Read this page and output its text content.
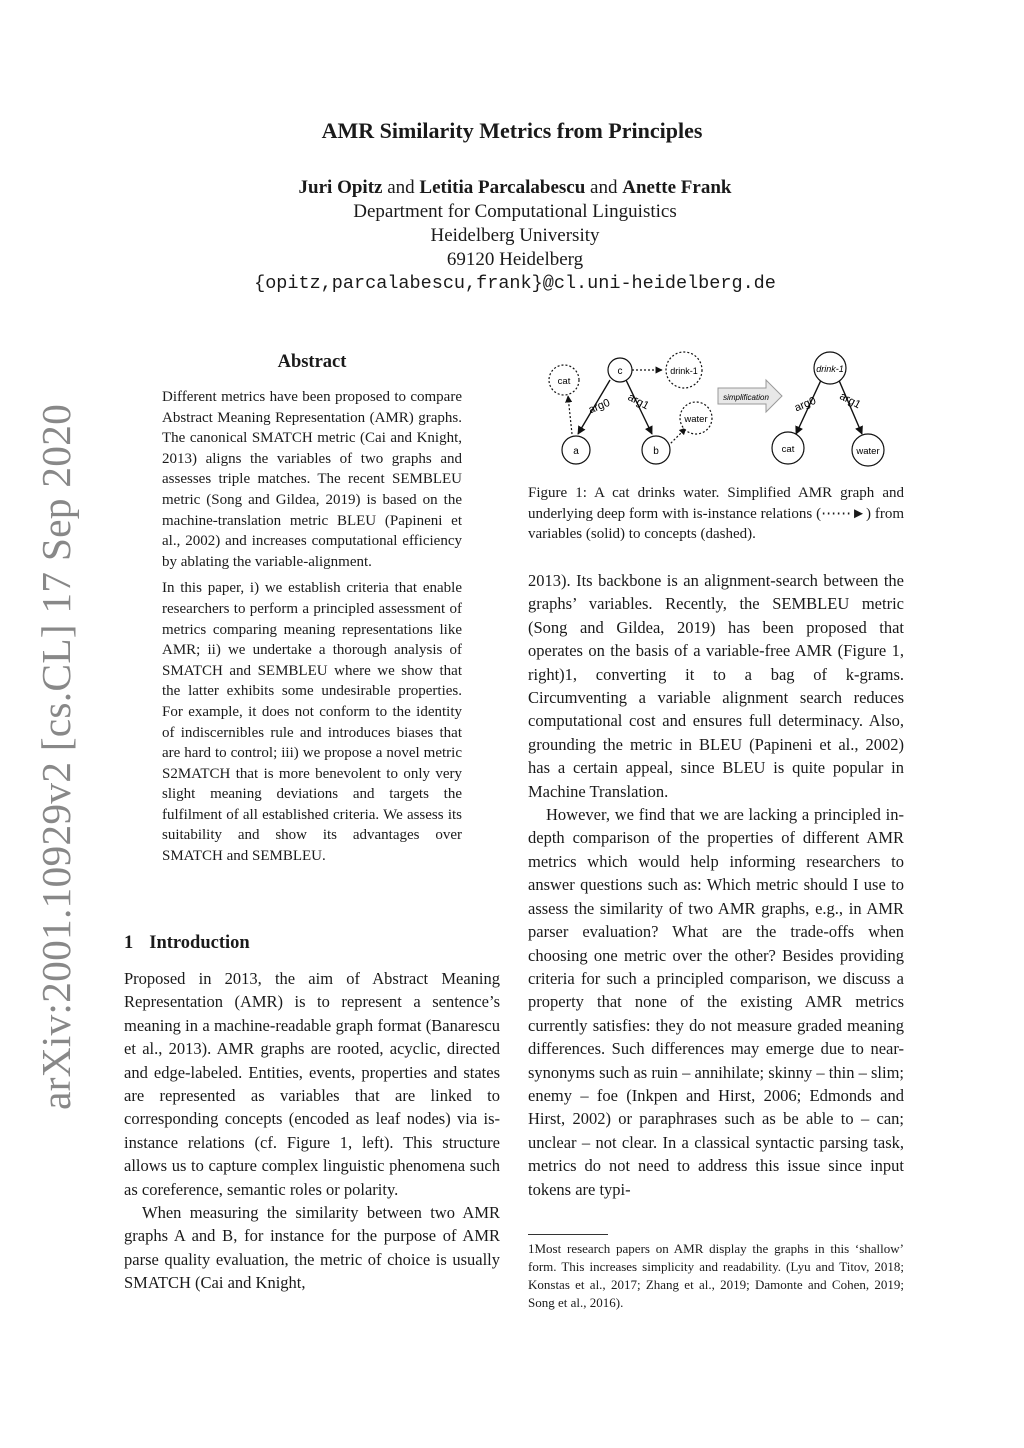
AMR Similarity Metrics from Principles
Juri Opitz and Letitia Parcalabescu and Anette Frank
Department for Computational Linguistics
Heidelberg University
69120 Heidelberg
{opitz,parcalabescu,frank}@cl.uni-heidelberg.de
arXiv:2001.10929v2 [cs.CL] 17 Sep 2020
Abstract

Different metrics have been proposed to compare Abstract Meaning Representation (AMR) graphs. The canonical SMATCH metric (Cai and Knight, 2013) aligns the variables of two graphs and assesses triple matches. The recent SEMBLEU metric (Song and Gildea, 2019) is based on the machine-translation metric BLEU (Papineni et al., 2002) and increases computational efficiency by ablating the variable-alignment.

In this paper, i) we establish criteria that enable researchers to perform a principled assessment of metrics comparing meaning representations like AMR; ii) we undertake a thorough analysis of SMATCH and SEMBLEU where we show that the latter exhibits some undesirable properties. For example, it does not conform to the identity of indiscernibles rule and introduces biases that are hard to control; iii) we propose a novel metric S2MATCH that is more benevolent to only very slight meaning deviations and targets the fulfilment of all established criteria. We assess its suitability and show its advantages over SMATCH and SEMBLEU.

1 Introduction

Proposed in 2013, the aim of Abstract Meaning Representation (AMR) is to represent a sentence’s meaning in a machine-readable graph format (Banarescu et al., 2013). AMR graphs are rooted, acyclic, directed and edge-labeled. Entities, events, properties and states are represented as variables that are linked to corresponding concepts (encoded as leaf nodes) via is-instance relations (cf. Figure 1, left). This structure allows us to capture complex linguistic phenomena such as coreference, semantic roles or polarity.

When measuring the similarity between two AMR graphs A and B, for instance for the purpose of AMR parse quality evaluation, the metric of choice is usually SMATCH (Cai and Knight,

c	drink-1
cat
water
a	b
arg0 arg1	simplification
drink-1
cat	water
arg0 arg1
Figure 1: A cat drinks water. Simplified AMR graph and underlying deep form with is-instance relations (⋯⋯►) from variables (solid) to concepts (dashed).

2013). Its backbone is an alignment-search between the graphs’ variables. Recently, the SEMBLEU metric (Song and Gildea, 2019) has been proposed that operates on the basis of a variable-free AMR (Figure 1, right)1, converting it to a bag of k-grams. Circumventing a variable alignment search reduces computational cost and ensures full determinacy. Also, grounding the metric in BLEU (Papineni et al., 2002) has a certain appeal, since BLEU is quite popular in Machine Translation.

However, we find that we are lacking a principled in-depth comparison of the properties of different AMR metrics which would help informing researchers to answer questions such as: Which metric should I use to assess the similarity of two AMR graphs, e.g., in AMR parser evaluation? What are the trade-offs when choosing one metric over the other? Besides providing criteria for such a principled comparison, we discuss a property that none of the existing AMR metrics currently satisfies: they do not measure graded meaning differences. Such differences may emerge due to near-synonyms such as ruin – annihilate; skinny – thin – slim; enemy – foe (Inkpen and Hirst, 2006; Edmonds and Hirst, 2002) or paraphrases such as be able to – can; unclear – not clear. In a classical syntactic parsing task, metrics do not need to address this issue since input tokens are typi-

1Most research papers on AMR display the graphs in this ‘shallow’ form. This increases simplicity and readability. (Lyu and Titov, 2018; Konstas et al., 2017; Zhang et al., 2019; Damonte and Cohen, 2019; Song et al., 2016).
